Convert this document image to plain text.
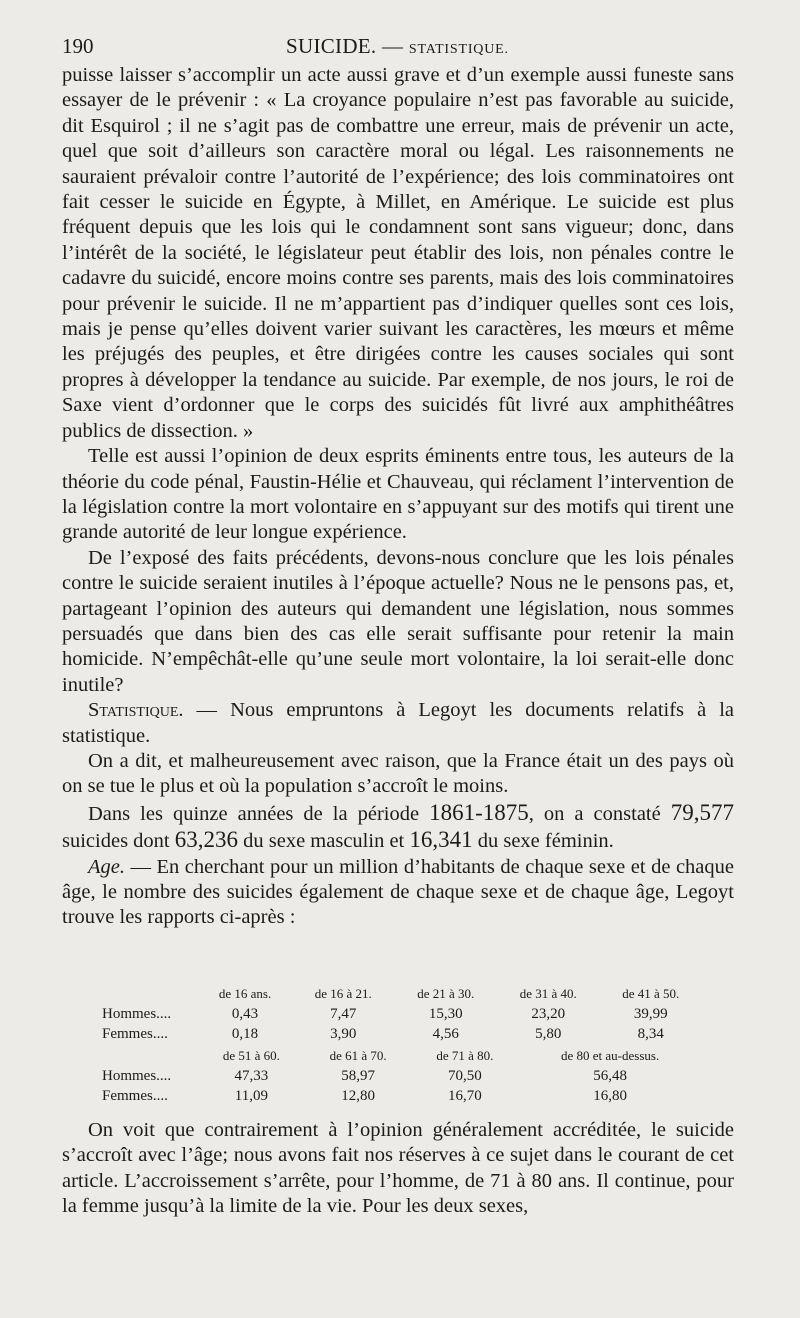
190	SUICIDE. — STATISTIQUE.

puisse laisser s’accomplir un acte aussi grave et d’un exemple aussi funeste sans essayer de le prévenir : « La croyance populaire n’est pas favorable au suicide, dit Esquirol ; il ne s’agit pas de combattre une erreur, mais de prévenir un acte, quel que soit d’ailleurs son caractère moral ou légal. Les raisonnements ne sauraient prévaloir contre l’autorité de l’expérience; des lois comminatoires ont fait cesser le suicide en Égypte, à Millet, en Amérique. Le suicide est plus fréquent depuis que les lois qui le condamnent sont sans vigueur; donc, dans l’intérêt de la société, le législateur peut établir des lois, non pénales contre le cadavre du suicidé, encore moins contre ses parents, mais des lois comminatoires pour prévenir le suicide. Il ne m’appartient pas d’indiquer quelles sont ces lois, mais je pense qu’elles doivent varier suivant les caractères, les mœurs et même les préjugés des peuples, et être dirigées contre les causes sociales qui sont propres à développer la tendance au suicide. Par exemple, de nos jours, le roi de Saxe vient d’ordonner que le corps des suicidés fût livré aux amphithéâtres publics de dissection. »

Telle est aussi l’opinion de deux esprits éminents entre tous, les auteurs de la théorie du code pénal, Faustin-Hélie et Chauveau, qui réclament l’intervention de la législation contre la mort volontaire en s’appuyant sur des motifs qui tirent une grande autorité de leur longue expérience.

De l’exposé des faits précédents, devons-nous conclure que les lois pénales contre le suicide seraient inutiles à l’époque actuelle? Nous ne le pensons pas, et, partageant l’opinion des auteurs qui demandent une législation, nous sommes persuadés que dans bien des cas elle serait suffisante pour retenir la main homicide. N’empêchât-elle qu’une seule mort volontaire, la loi serait-elle donc inutile?

Statistique. — Nous empruntons à Legoyt les documents relatifs à la statistique.

On a dit, et malheureusement avec raison, que la France était un des pays où on se tue le plus et où la population s’accroît le moins.

Dans les quinze années de la période 1861-1875, on a constaté 79,577 suicides dont 63,236 du sexe masculin et 16,341 du sexe féminin.

Age. — En cherchant pour un million d’habitants de chaque sexe et de chaque âge, le nombre des suicides également de chaque sexe et de chaque âge, Legoyt trouve les rapports ci-après :

	de 16 ans.	de 16 à 21.	de 21 à 30.	de 31 à 40.	de 41 à 50.
Hommes....	0,43	7,47	15,30	23,20	39,99
Femmes....	0,18	3,90	4,56	5,80	8,34
	de 51 à 60.	de 61 à 70.	de 71 à 80.	de 80 et au-dessus.
Hommes....	47,33	58,97	70,50	56,48
Femmes....	11,09	12,80	16,70	16,80

On voit que contrairement à l’opinion généralement accréditée, le suicide s’accroît avec l’âge; nous avons fait nos réserves à ce sujet dans le courant de cet article. L’accroissement s’arrête, pour l’homme, de 71 à 80 ans. Il continue, pour la femme jusqu’à la limite de la vie. Pour les deux sexes,
